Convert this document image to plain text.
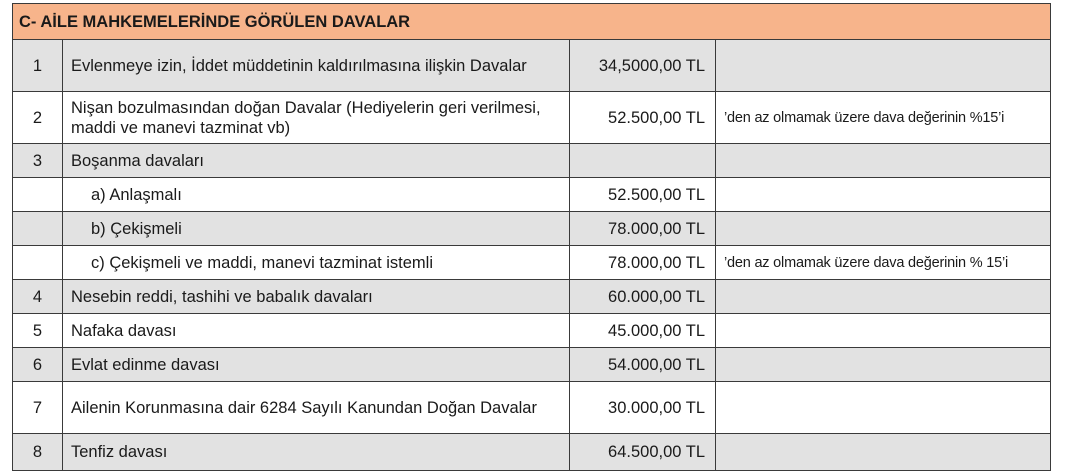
C- AİLE MAHKEMELERİNDE GÖRÜLEN DAVALAR			
1	Evlenmeye izin, İddet müddetinin kaldırılmasına ilişkin Davalar	34,5000,00 TL	
2	Nişan bozulmasından doğan Davalar (Hediyelerin geri verilmesi, maddi ve manevi tazminat vb)	52.500,00 TL	’den az olmamak üzere dava değerinin %15’i
3	Boşanma davaları		
	a) Anlaşmalı	52.500,00 TL	
	b) Çekişmeli	78.000,00 TL	
	c) Çekişmeli ve maddi, manevi tazminat istemli	78.000,00 TL	’den az olmamak üzere dava değerinin % 15’i
4	Nesebin reddi, tashihi ve babalık davaları	60.000,00 TL	
5	Nafaka davası	45.000,00 TL	
6	Evlat edinme davası	54.000,00 TL	
7	Ailenin Korunmasına dair 6284 Sayılı Kanundan Doğan Davalar	30.000,00 TL	
8	Tenfiz davası	64.500,00 TL	
